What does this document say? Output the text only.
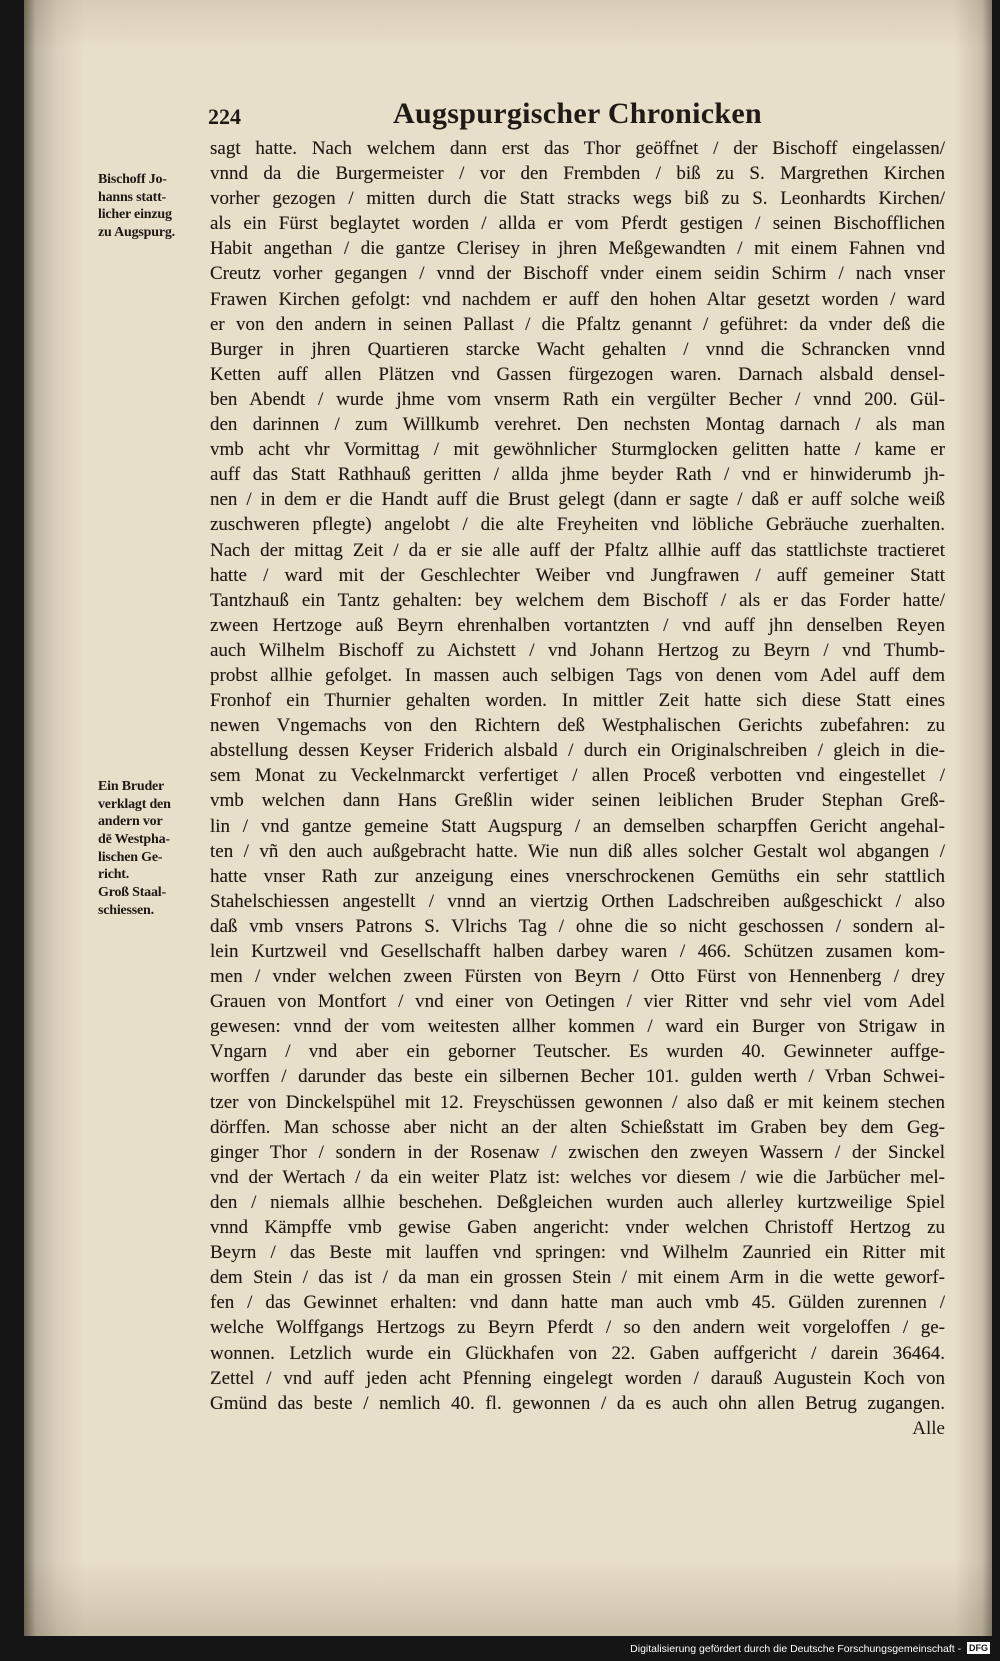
224	Augspurgischer Chronicken
Bischoff Jo-
hanns statt-
licher einzug
zu Augspurg.
Ein Bruder
verklagt den
andern vor
dē Westpha-
lischen Ge-
richt.
Groß Staal-
schiessen.
sagt hatte. Nach welchem dann erst das Thor geöffnet / der Bischoff eingelassen/
vnnd da die Burgermeister / vor den Frembden / biß zu S. Margrethen Kirchen
vorher gezogen / mitten durch die Statt stracks wegs biß zu S. Leonhardts Kirchen/
als ein Fürst beglaytet worden / allda er vom Pferdt gestigen / seinen Bischofflichen
Habit angethan / die gantze Clerisey in jhren Meßgewandten / mit einem Fahnen vnd
Creutz vorher gegangen / vnnd der Bischoff vnder einem seidin Schirm / nach vnser
Frawen Kirchen gefolgt: vnd nachdem er auff den hohen Altar gesetzt worden / ward
er von den andern in seinen Pallast / die Pfaltz genannt / geführet: da vnder deß die
Burger in jhren Quartieren starcke Wacht gehalten / vnnd die Schrancken vnnd
Ketten auff allen Plätzen vnd Gassen fürgezogen waren. Darnach alsbald densel-
ben Abendt / wurde jhme vom vnserm Rath ein vergülter Becher / vnnd 200. Gül-
den darinnen / zum Willkumb verehret. Den nechsten Montag darnach / als man
vmb acht vhr Vormittag / mit gewöhnlicher Sturmglocken gelitten hatte / kame er
auff das Statt Rathhauß geritten / allda jhme beyder Rath / vnd er hinwiderumb jh-
nen / in dem er die Handt auff die Brust gelegt (dann er sagte / daß er auff solche weiß
zuschweren pflegte) angelobt / die alte Freyheiten vnd löbliche Gebräuche zuerhalten.
Nach der mittag Zeit / da er sie alle auff der Pfaltz allhie auff das stattlichste tractieret
hatte / ward mit der Geschlechter Weiber vnd Jungfrawen / auff gemeiner Statt
Tantzhauß ein Tantz gehalten: bey welchem dem Bischoff / als er das Forder hatte/
zween Hertzoge auß Beyrn ehrenhalben vortantzten / vnd auff jhn denselben Reyen
auch Wilhelm Bischoff zu Aichstett / vnd Johann Hertzog zu Beyrn / vnd Thumb-
probst allhie gefolget. In massen auch selbigen Tags von denen vom Adel auff dem
Fronhof ein Thurnier gehalten worden. In mittler Zeit hatte sich diese Statt eines
newen Vngemachs von den Richtern deß Westphalischen Gerichts zubefahren: zu
abstellung dessen Keyser Friderich alsbald / durch ein Originalschreiben / gleich in die-
sem Monat zu Veckelnmarckt verfertiget / allen Proceß verbotten vnd eingestellet /
vmb welchen dann Hans Greßlin wider seinen leiblichen Bruder Stephan Greß-
lin / vnd gantze gemeine Statt Augspurg / an demselben scharpffen Gericht angehal-
ten / vñ den auch außgebracht hatte. Wie nun diß alles solcher Gestalt wol abgangen /
hatte vnser Rath zur anzeigung eines vnerschrockenen Gemüths ein sehr stattlich
Stahelschiessen angestellt / vnnd an viertzig Orthen Ladschreiben außgeschickt / also
daß vmb vnsers Patrons S. Vlrichs Tag / ohne die so nicht geschossen / sondern al-
lein Kurtzweil vnd Gesellschafft halben darbey waren / 466. Schützen zusamen kom-
men / vnder welchen zween Fürsten von Beyrn / Otto Fürst von Hennenberg / drey
Grauen von Montfort / vnd einer von Oetingen / vier Ritter vnd sehr viel vom Adel
gewesen: vnnd der vom weitesten allher kommen / ward ein Burger von Strigaw in
Vngarn / vnd aber ein geborner Teutscher. Es wurden 40. Gewinneter auffge-
worffen / darunder das beste ein silbernen Becher 101. gulden werth / Vrban Schwei-
tzer von Dinckelspühel mit 12. Freyschüssen gewonnen / also daß er mit keinem stechen
dörffen. Man schosse aber nicht an der alten Schießstatt im Graben bey dem Geg-
ginger Thor / sondern in der Rosenaw / zwischen den zweyen Wassern / der Sinckel
vnd der Wertach / da ein weiter Platz ist: welches vor diesem / wie die Jarbücher mel-
den / niemals allhie beschehen. Deßgleichen wurden auch allerley kurtzweilige Spiel
vnnd Kämpffe vmb gewise Gaben angericht: vnder welchen Christoff Hertzog zu
Beyrn / das Beste mit lauffen vnd springen: vnd Wilhelm Zaunried ein Ritter mit
dem Stein / das ist / da man ein grossen Stein / mit einem Arm in die wette geworf-
fen / das Gewinnet erhalten: vnd dann hatte man auch vmb 45. Gülden zurennen /
welche Wolffgangs Hertzogs zu Beyrn Pferdt / so den andern weit vorgeloffen / ge-
wonnen. Letzlich wurde ein Glückhafen von 22. Gaben auffgericht / darein 36464.
Zettel / vnd auff jeden acht Pfenning eingelegt worden / darauß Augustein Koch von
Gmünd das beste / nemlich 40. fl. gewonnen / da es auch ohn allen Betrug zugangen.
Alle
Digitalisierung gefördert durch die Deutsche Forschungsgemeinschaft - DFG
